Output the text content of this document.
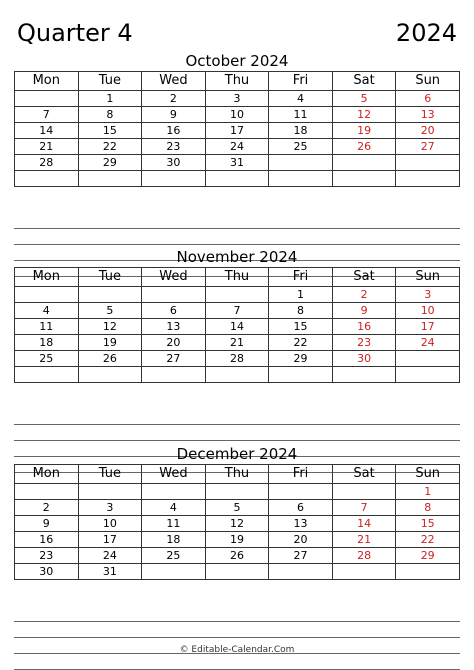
Quarter 4	2024
October 2024
Mon	Tue	Wed	Thu	Fri	Sat	Sun
	1	2	3	4	5	6
7	8	9	10	11	12	13
14	15	16	17	18	19	20
21	22	23	24	25	26	27
28	29	30	31			

November 2024
Mon	Tue	Wed	Thu	Fri	Sat	Sun
				1	2	3
4	5	6	7	8	9	10
11	12	13	14	15	16	17
18	19	20	21	22	23	24
25	26	27	28	29	30	

December 2024
Mon	Tue	Wed	Thu	Fri	Sat	Sun
						1
2	3	4	5	6	7	8
9	10	11	12	13	14	15
16	17	18	19	20	21	22
23	24	25	26	27	28	29
30	31					
© Editable-Calendar.Com
